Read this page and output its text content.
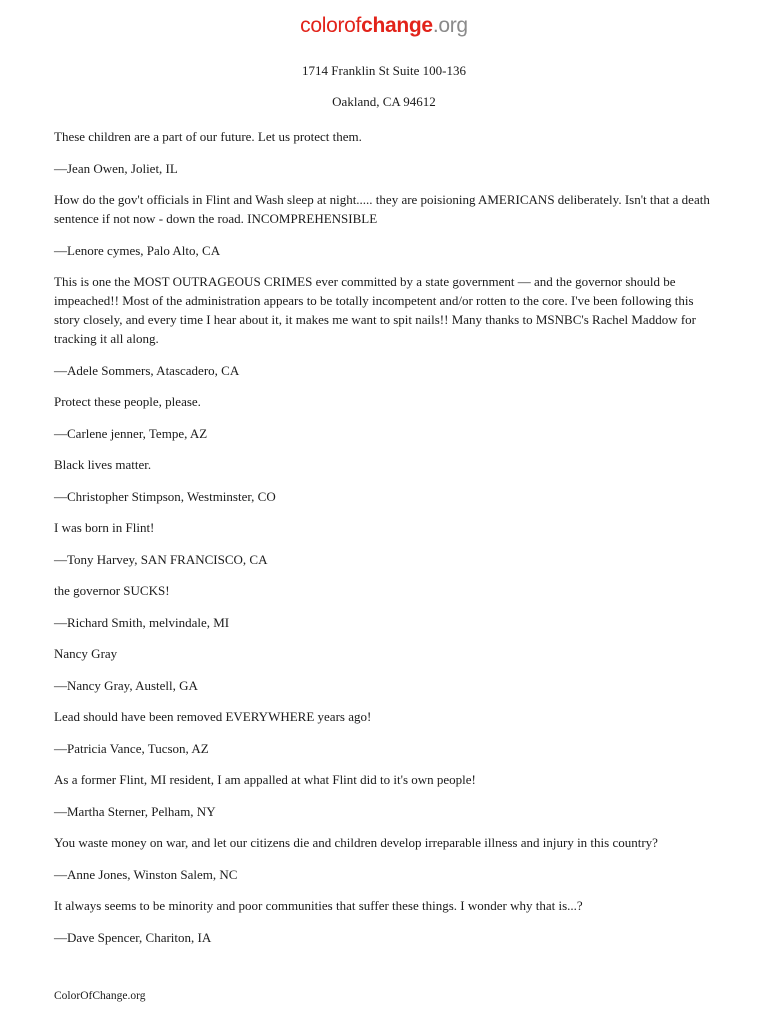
colorofchange.org
1714 Franklin St Suite 100-136
Oakland, CA 94612

These children are a part of our future. Let us protect them.

—Jean Owen, Joliet, IL

How do the gov't officials in Flint and Wash sleep at night..... they are poisioning AMERICANS deliberately. Isn't that a death sentence if not now - down the road. INCOMPREHENSIBLE

—Lenore cymes, Palo Alto, CA

This is one the MOST OUTRAGEOUS CRIMES ever committed by a state government — and the governor should be impeached!! Most of the administration appears to be totally incompetent and/or rotten to the core. I've been following this story closely, and every time I hear about it, it makes me want to spit nails!! Many thanks to MSNBC's Rachel Maddow for tracking it all along.

—Adele Sommers, Atascadero, CA

Protect these people, please.

—Carlene jenner, Tempe, AZ

Black lives matter.

—Christopher Stimpson, Westminster, CO

I was born in Flint!

—Tony Harvey, SAN FRANCISCO, CA

the governor SUCKS!

—Richard Smith, melvindale, MI

Nancy Gray

—Nancy Gray, Austell, GA

Lead should have been removed EVERYWHERE years ago!

—Patricia Vance, Tucson, AZ

As a former Flint, MI resident, I am appalled at what Flint did to it's own people!

—Martha Sterner, Pelham, NY

You waste money on war, and let our citizens die and children develop irreparable illness and injury in this country?

—Anne Jones, Winston Salem, NC

It always seems to be minority and poor communities that suffer these things. I wonder why that is...?

—Dave Spencer, Chariton, IA

ColorOfChange.org
